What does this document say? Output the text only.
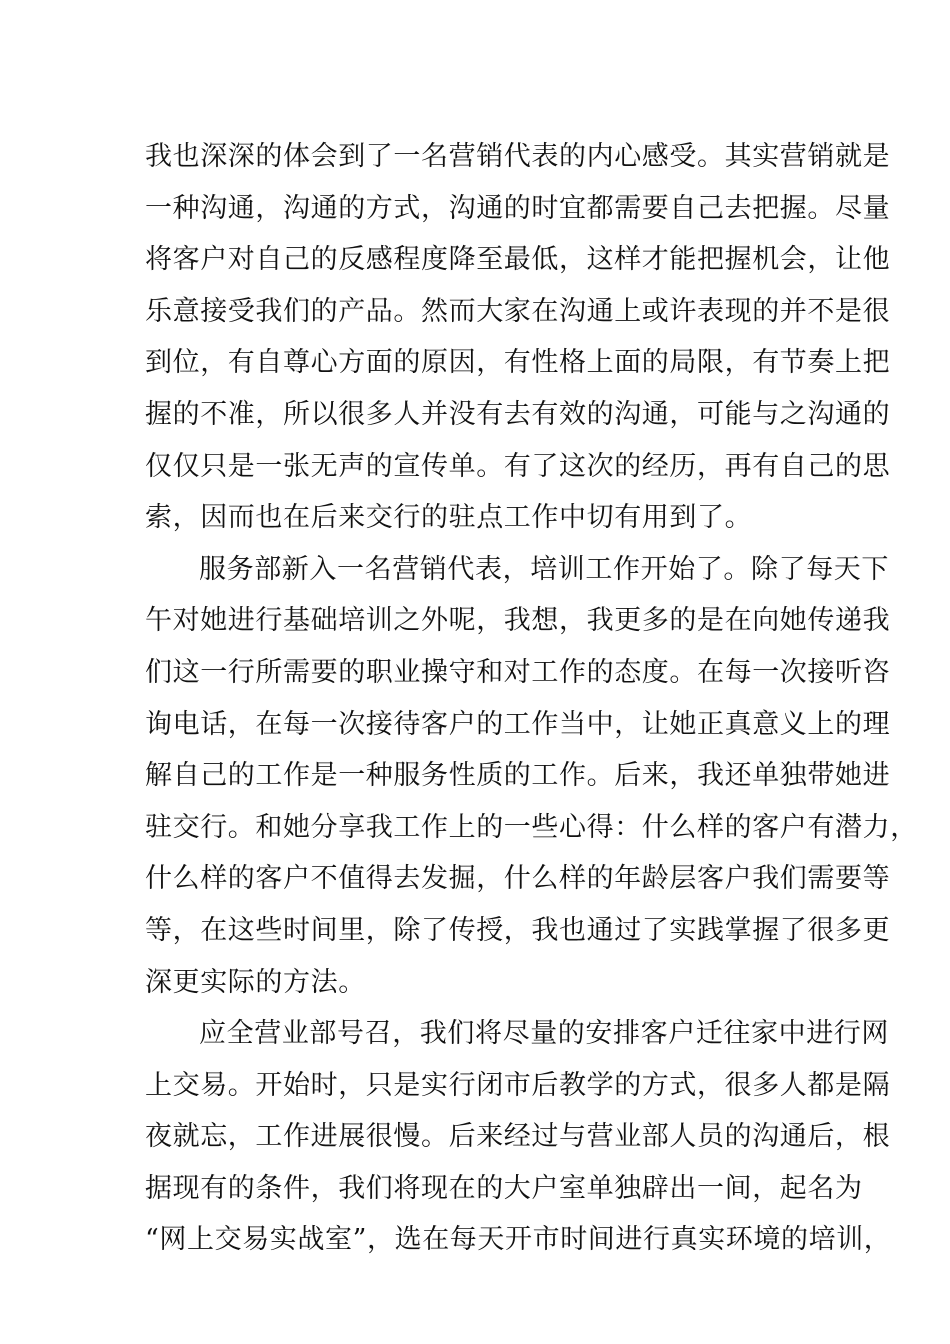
我也深深的体会到了一名营销代表的内心感受。其实营销就是
一种沟通，沟通的方式，沟通的时宜都需要自己去把握。尽量
将客户对自己的反感程度降至最低，这样才能把握机会，让他
乐意接受我们的产品。然而大家在沟通上或许表现的并不是很
到位，有自尊心方面的原因，有性格上面的局限，有节奏上把
握的不准，所以很多人并没有去有效的沟通，可能与之沟通的
仅仅只是一张无声的宣传单。有了这次的经历，再有自己的思
索，因而也在后来交行的驻点工作中切有用到了。
服务部新入一名营销代表，培训工作开始了。除了每天下
午对她进行基础培训之外呢，我想，我更多的是在向她传递我
们这一行所需要的职业操守和对工作的态度。在每一次接听咨
询电话，在每一次接待客户的工作当中，让她正真意义上的理
解自己的工作是一种服务性质的工作。后来，我还单独带她进
驻交行。和她分享我工作上的一些心得：什么样的客户有潜力，
什么样的客户不值得去发掘，什么样的年龄层客户我们需要等
等，在这些时间里，除了传授，我也通过了实践掌握了很多更
深更实际的方法。
应全营业部号召，我们将尽量的安排客户迁往家中进行网
上交易。开始时，只是实行闭市后教学的方式，很多人都是隔
夜就忘，工作进展很慢。后来经过与营业部人员的沟通后，根
据现有的条件，我们将现在的大户室单独辟出一间，起名为
“网上交易实战室”，选在每天开市时间进行真实环境的培训，
